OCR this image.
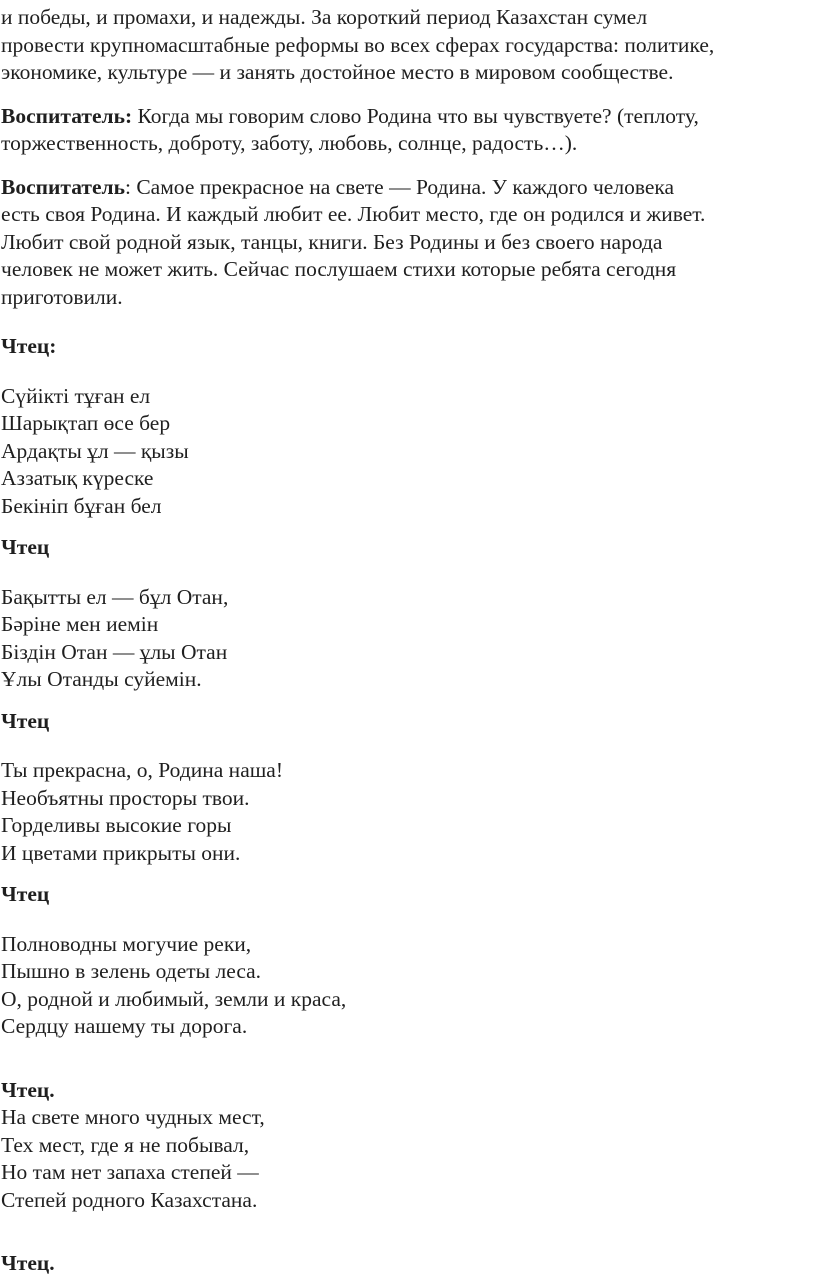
и победы, и промахи, и надежды. За короткий период Казахстан сумел
провести крупномасштабные реформы во всех сферах государства: политике,
экономике, культуре — и занять достойное место в мировом сообществе.

Воспитатель: Когда мы говорим слово Родина что вы чувствуете? (теплоту,
торжественность, доброту, заботу, любовь, солнце, радость…).

Воспитатель: Самое прекрасное на свете — Родина. У каждого человека
есть своя Родина. И каждый любит ее. Любит место, где он родился и живет.
Любит свой родной язык, танцы, книги. Без Родины и без своего народа
человек не может жить. Сейчас послушаем стихи которые ребята сегодня
приготовили.

Чтец:

Сүйікті тұған ел
Шарықтап өсе бер
Ардақты ұл — қызы
Аззатық күреске
Бекініп бұған бел

Чтец

Бақытты ел — бұл Отан,
Бәріне мен иемін
Біздін Отан — ұлы Отан
Ұлы Отанды суйемін.

Чтец

Ты прекрасна, о, Родина наша!
Необъятны просторы твои.
Горделивы высокие горы
И цветами прикрыты они.

Чтец

Полноводны могучие реки,
Пышно в зелень одеты леса.
О, родной и любимый, земли и краса,
Сердцу нашему ты дорога.

Чтец.

На свете много чудных мест,
Тех мест, где я не побывал,
Но там нет запаха степей —
Степей родного Казахстана.

Чтец.
